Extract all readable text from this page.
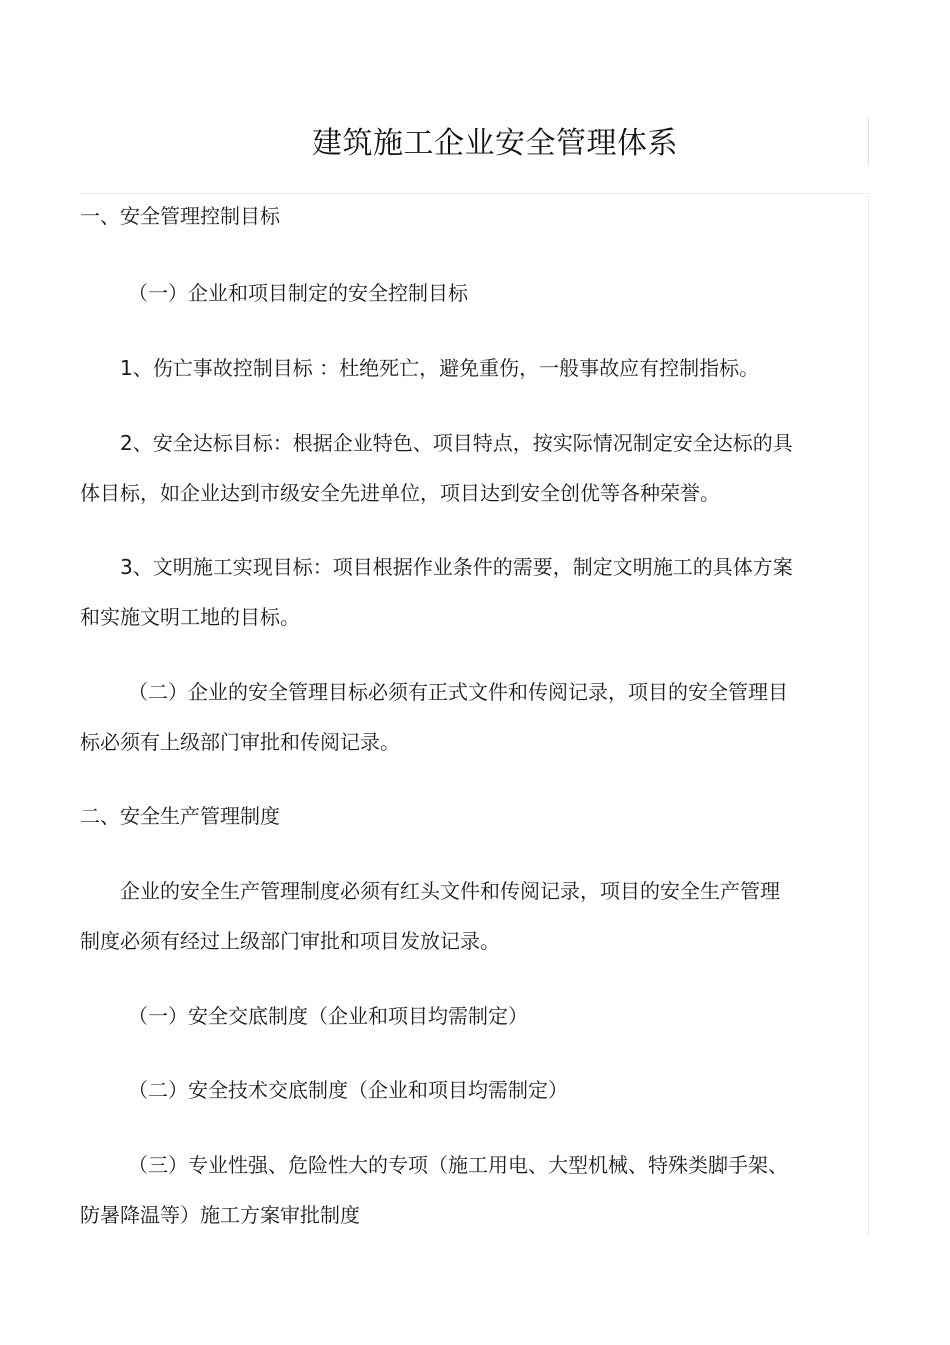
建筑施工企业安全管理体系
一、安全管理控制目标
（一）企业和项目制定的安全控制目标
1、伤亡事故控制目标 ：杜绝死亡，避免重伤，一般事故应有控制指标。
2、安全达标目标：根据企业特色、项目特点，按实际情况制定安全达标的具
体目标，如企业达到市级安全先进单位，项目达到安全创优等各种荣誉。
3、文明施工实现目标：项目根据作业条件的需要，制定文明施工的具体方案
和实施文明工地的目标。
（二）企业的安全管理目标必须有正式文件和传阅记录，项目的安全管理目
标必须有上级部门审批和传阅记录。
二、安全生产管理制度
企业的安全生产管理制度必须有红头文件和传阅记录，项目的安全生产管理
制度必须有经过上级部门审批和项目发放记录。
（一）安全交底制度（企业和项目均需制定）
（二）安全技术交底制度（企业和项目均需制定）
（三）专业性强、危险性大的专项（施工用电、大型机械、特殊类脚手架、
防暑降温等）施工方案审批制度
